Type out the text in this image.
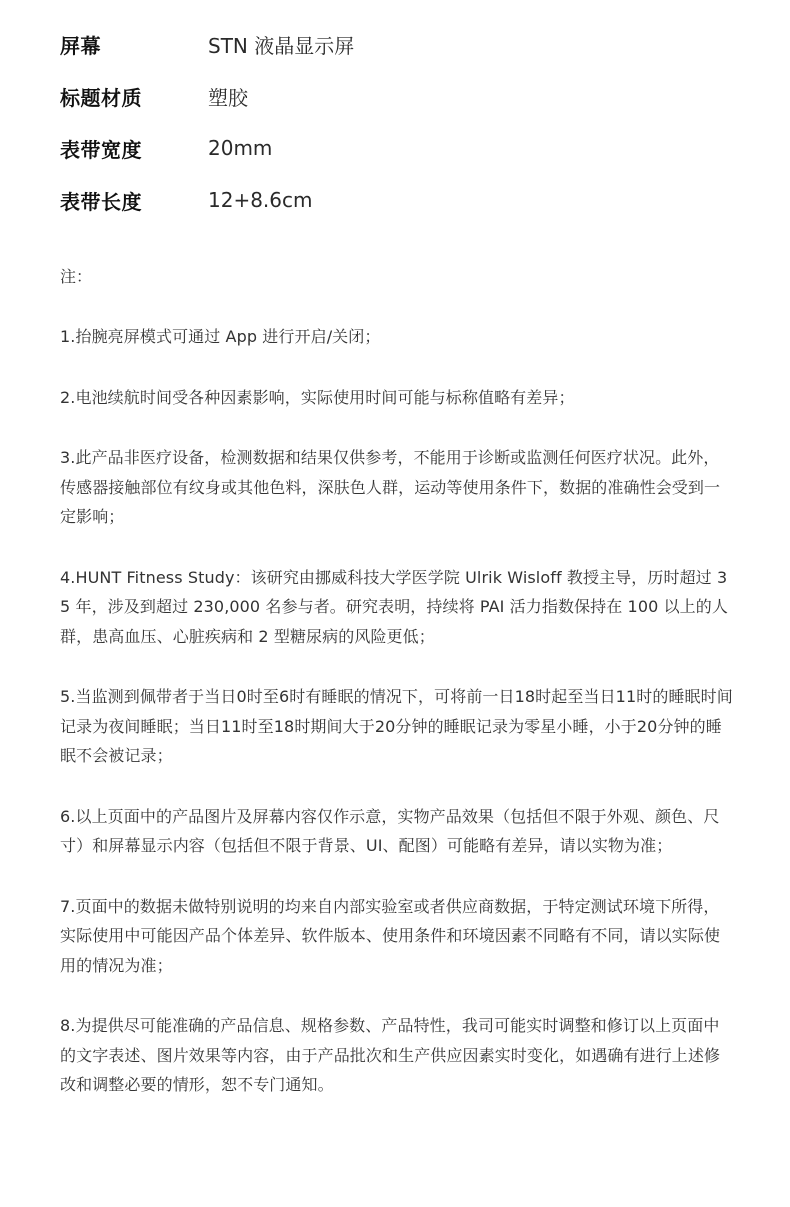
屏幕	STN 液晶显示屏
标题材质	塑胶
表带宽度	20mm
表带长度	12+8.6cm

注：

1.抬腕亮屏模式可通过 App 进行开启/关闭；

2.电池续航时间受各种因素影响，实际使用时间可能与标称值略有差异；

3.此产品非医疗设备，检测数据和结果仅供参考，不能用于诊断或监测任何医疗状况。此外，传感器接触部位有纹身或其他色料，深肤色人群，运动等使用条件下，数据的准确性会受到一定影响；

4.HUNT Fitness Study：该研究由挪威科技大学医学院 Ulrik Wisloff 教授主导，历时超过 35 年，涉及到超过 230,000 名参与者。研究表明，持续将 PAI 活力指数保持在 100 以上的人群，患高血压、心脏疾病和 2 型糖尿病的风险更低；

5.当监测到佩带者于当日0时至6时有睡眠的情况下，可将前一日18时起至当日11时的睡眠时间记录为夜间睡眠；当日11时至18时期间大于20分钟的睡眠记录为零星小睡，小于20分钟的睡眠不会被记录；

6.以上页面中的产品图片及屏幕内容仅作示意，实物产品效果（包括但不限于外观、颜色、尺寸）和屏幕显示内容（包括但不限于背景、UI、配图）可能略有差异，请以实物为准；

7.页面中的数据未做特别说明的均来自内部实验室或者供应商数据，于特定测试环境下所得，实际使用中可能因产品个体差异、软件版本、使用条件和环境因素不同略有不同，请以实际使用的情况为准；

8.为提供尽可能准确的产品信息、规格参数、产品特性，我司可能实时调整和修订以上页面中的文字表述、图片效果等内容，由于产品批次和生产供应因素实时变化，如遇确有进行上述修改和调整必要的情形，恕不专门通知。
